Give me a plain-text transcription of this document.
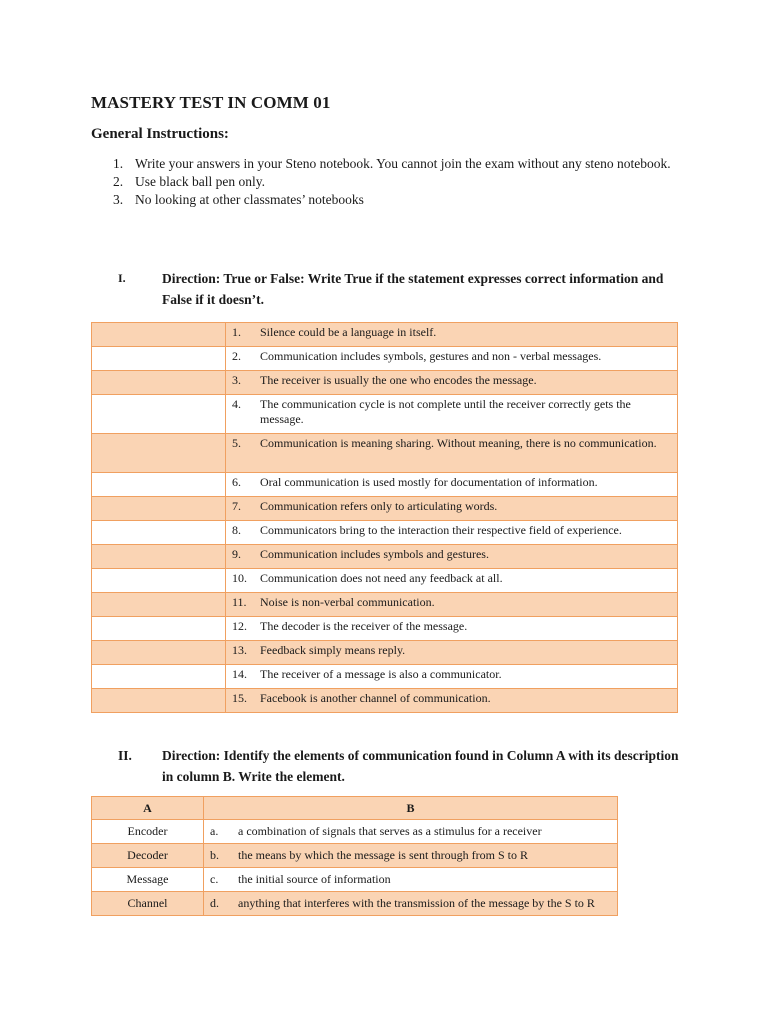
MASTERY TEST IN COMM 01
General Instructions:
1. Write your answers in your Steno notebook. You cannot join the exam without any steno notebook.
2. Use black ball pen only.
3. No looking at other classmates’ notebooks
I.	Direction: True or False: Write True if the statement expresses correct information and False if it doesn’t.
	1. Silence could be a language in itself.
	2. Communication includes symbols, gestures and non - verbal messages.
	3. The receiver is usually the one who encodes the message.
	4. The communication cycle is not complete until the receiver correctly gets the message.
	5. Communication is meaning sharing. Without meaning, there is no communication.
	6. Oral communication is used mostly for documentation of information.
	7. Communication refers only to articulating words.
	8. Communicators bring to the interaction their respective field of experience.
	9. Communication includes symbols and gestures.
	10. Communication does not need any feedback at all.
	11. Noise is non-verbal communication.
	12. The decoder is the receiver of the message.
	13. Feedback simply means reply.
	14. The receiver of a message is also a communicator.
	15. Facebook is another channel of communication.
II. Direction: Identify the elements of communication found in Column A with its description in column B. Write the element.
A	B
Encoder	a. a combination of signals that serves as a stimulus for a receiver
Decoder	b. the means by which the message is sent through from S to R
Message	c. the initial source of information
Channel	d. anything that interferes with the transmission of the message by the S to R
